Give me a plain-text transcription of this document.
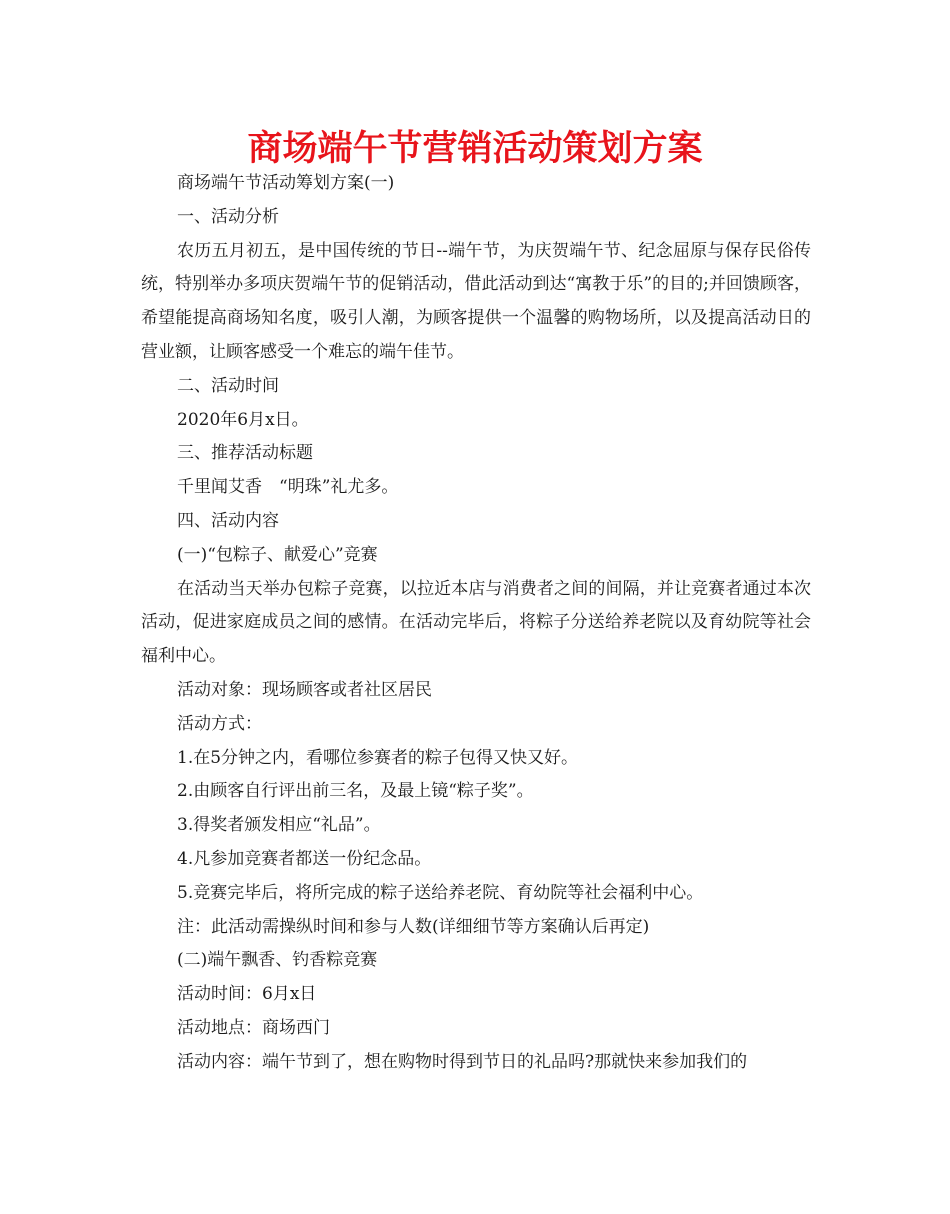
商场端午节营销活动策划方案

商场端午节活动筹划方案(一)

一、活动分析

农历五月初五，是中国传统的节日--端午节，为庆贺端午节、纪念屈原与保存民俗传统，特别举办多项庆贺端午节的促销活动，借此活动到达“寓教于乐”的目的;并回馈顾客，希望能提高商场知名度，吸引人潮，为顾客提供一个温馨的购物场所，以及提高活动日的营业额，让顾客感受一个难忘的端午佳节。

二、活动时间

2020年6月x日。

三、推荐活动标题

千里闻艾香　“明珠”礼尤多。

四、活动内容

(一)“包粽子、献爱心”竞赛

在活动当天举办包粽子竞赛，以拉近本店与消费者之间的间隔，并让竞赛者通过本次活动，促进家庭成员之间的感情。在活动完毕后，将粽子分送给养老院以及育幼院等社会福利中心。

活动对象：现场顾客或者社区居民

活动方式：

1.在5分钟之内，看哪位参赛者的粽子包得又快又好。

2.由顾客自行评出前三名，及最上镜“粽子奖”。

3.得奖者颁发相应“礼品”。

4.凡参加竞赛者都送一份纪念品。

5.竞赛完毕后，将所完成的粽子送给养老院、育幼院等社会福利中心。

注：此活动需操纵时间和参与人数(详细细节等方案确认后再定)

(二)端午飘香、钓香粽竞赛

活动时间：6月x日

活动地点：商场西门

活动内容：端午节到了，想在购物时得到节日的礼品吗?那就快来参加我们的
